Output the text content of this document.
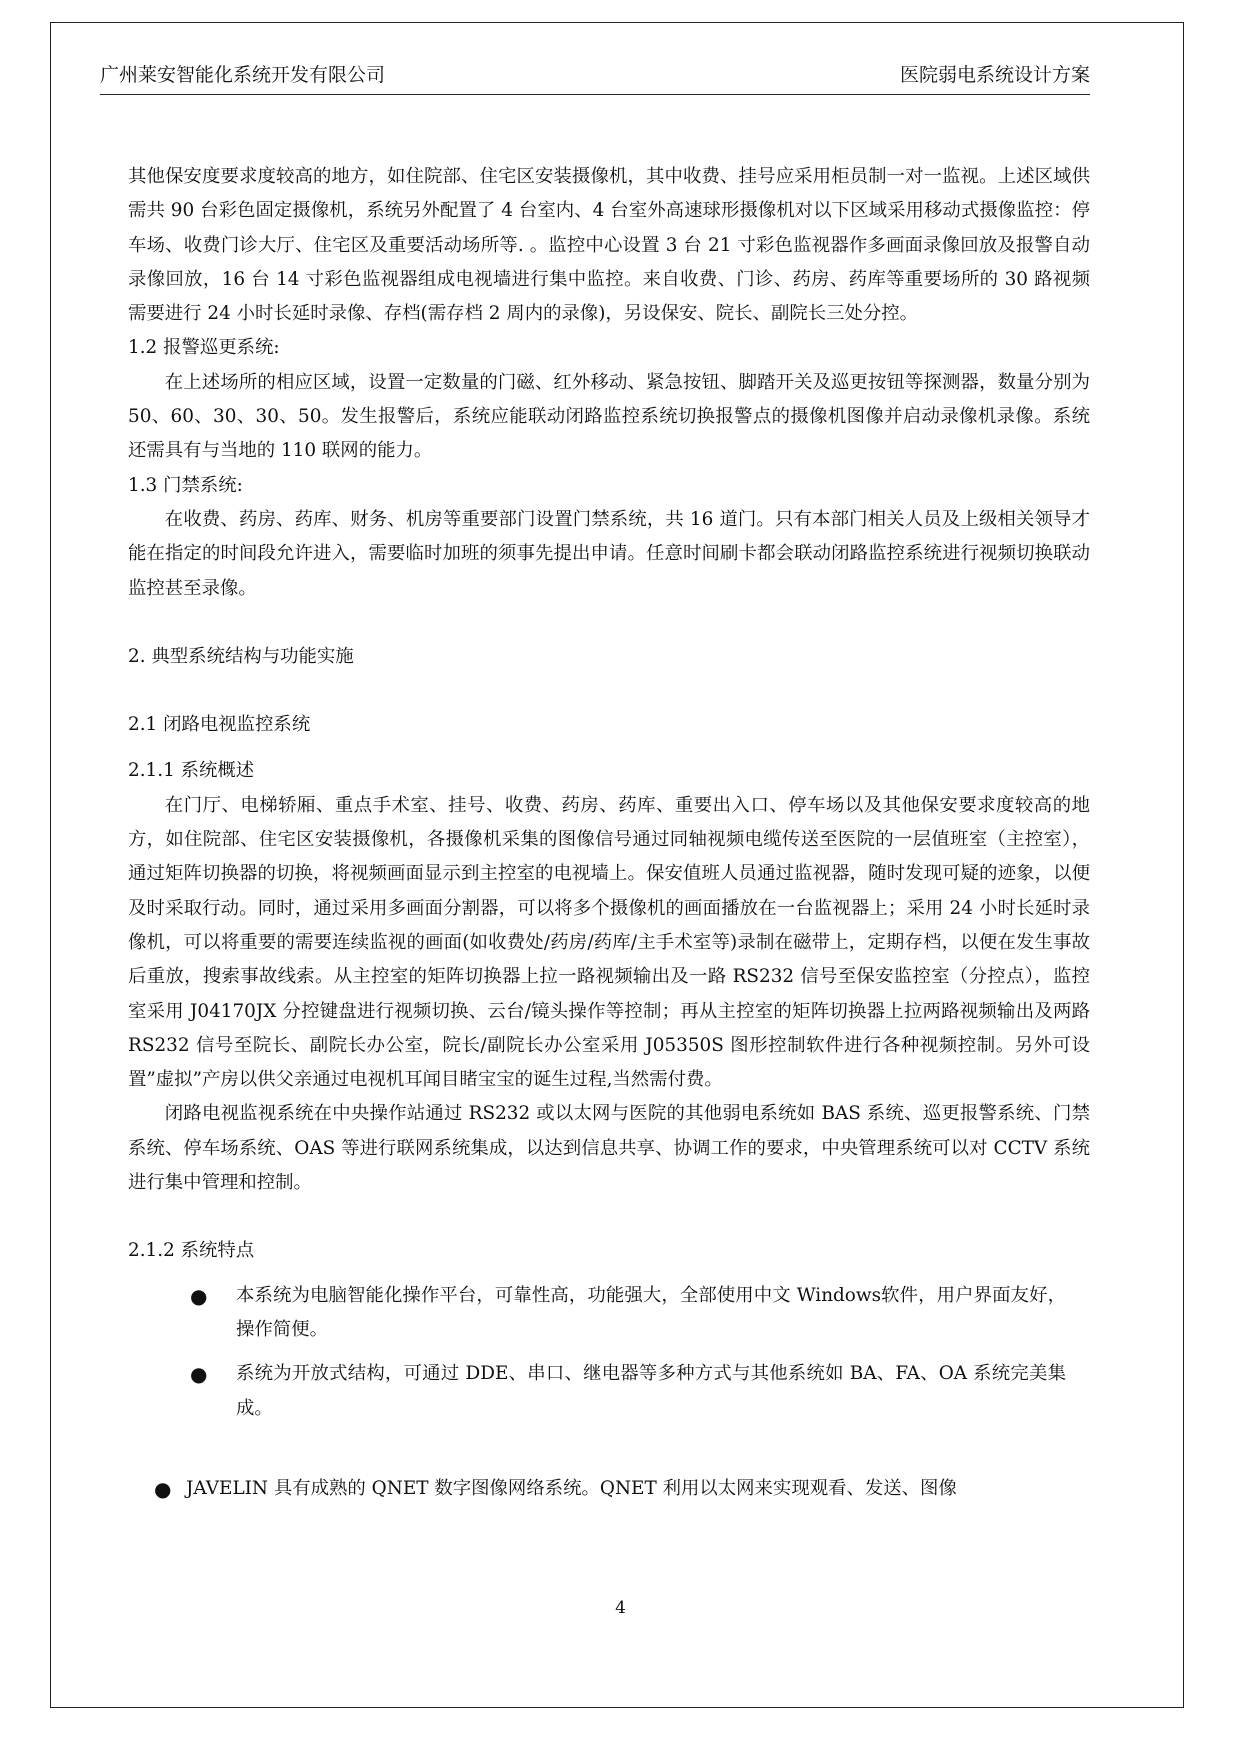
广州莱安智能化系统开发有限公司	医院弱电系统设计方案

其他保安度要求度较高的地方，如住院部、住宅区安装摄像机，其中收费、挂号应采用柜员制一对一监视。上述区域供需共 90 台彩色固定摄像机，系统另外配置了 4 台室内、4 台室外高速球形摄像机对以下区域采用移动式摄像监控：停车场、收费门诊大厅、住宅区及重要活动场所等. 。监控中心设置 3 台 21 寸彩色监视器作多画面录像回放及报警自动录像回放，16 台 14 寸彩色监视器组成电视墙进行集中监控。来自收费、门诊、药房、药库等重要场所的 30 路视频需要进行 24 小时长延时录像、存档(需存档 2 周内的录像)，另设保安、院长、副院长三处分控。

1.2 报警巡更系统:

在上述场所的相应区域，设置一定数量的门磁、红外移动、紧急按钮、脚踏开关及巡更按钮等探测器，数量分别为 50、60、30、30、50。发生报警后，系统应能联动闭路监控系统切换报警点的摄像机图像并启动录像机录像。系统还需具有与当地的 110 联网的能力。

1.3 门禁系统:

在收费、药房、药库、财务、机房等重要部门设置门禁系统，共 16 道门。只有本部门相关人员及上级相关领导才能在指定的时间段允许进入，需要临时加班的须事先提出申请。任意时间刷卡都会联动闭路监控系统进行视频切换联动监控甚至录像。

2. 典型系统结构与功能实施

2.1 闭路电视监控系统

2.1.1 系统概述

在门厅、电梯轿厢、重点手术室、挂号、收费、药房、药库、重要出入口、停车场以及其他保安要求度较高的地方，如住院部、住宅区安装摄像机，各摄像机采集的图像信号通过同轴视频电缆传送至医院的一层值班室（主控室），通过矩阵切换器的切换，将视频画面显示到主控室的电视墙上。保安值班人员通过监视器，随时发现可疑的迹象，以便及时采取行动。同时，通过采用多画面分割器，可以将多个摄像机的画面播放在一台监视器上；采用 24 小时长延时录像机，可以将重要的需要连续监视的画面(如收费处/药房/药库/主手术室等)录制在磁带上，定期存档，以便在发生事故后重放，搜索事故线索。从主控室的矩阵切换器上拉一路视频输出及一路 RS232 信号至保安监控室（分控点），监控室采用 J04170JX 分控键盘进行视频切换、云台/镜头操作等控制；再从主控室的矩阵切换器上拉两路视频输出及两路 RS232 信号至院长、副院长办公室，院长/副院长办公室采用 J05350S 图形控制软件进行各种视频控制。另外可设置”虚拟”产房以供父亲通过电视机耳闻目睹宝宝的诞生过程,当然需付费。

闭路电视监视系统在中央操作站通过 RS232 或以太网与医院的其他弱电系统如 BAS 系统、巡更报警系统、门禁系统、停车场系统、OAS 等进行联网系统集成，以达到信息共享、协调工作的要求，中央管理系统可以对 CCTV 系统进行集中管理和控制。

2.1.2 系统特点

● 本系统为电脑智能化操作平台，可靠性高，功能强大，全部使用中文 Windows软件，用户界面友好，操作简便。
● 系统为开放式结构，可通过 DDE、串口、继电器等多种方式与其他系统如 BA、FA、OA 系统完美集成。
● JAVELIN 具有成熟的 QNET 数字图像网络系统。QNET 利用以太网来实现观看、发送、图像
4
